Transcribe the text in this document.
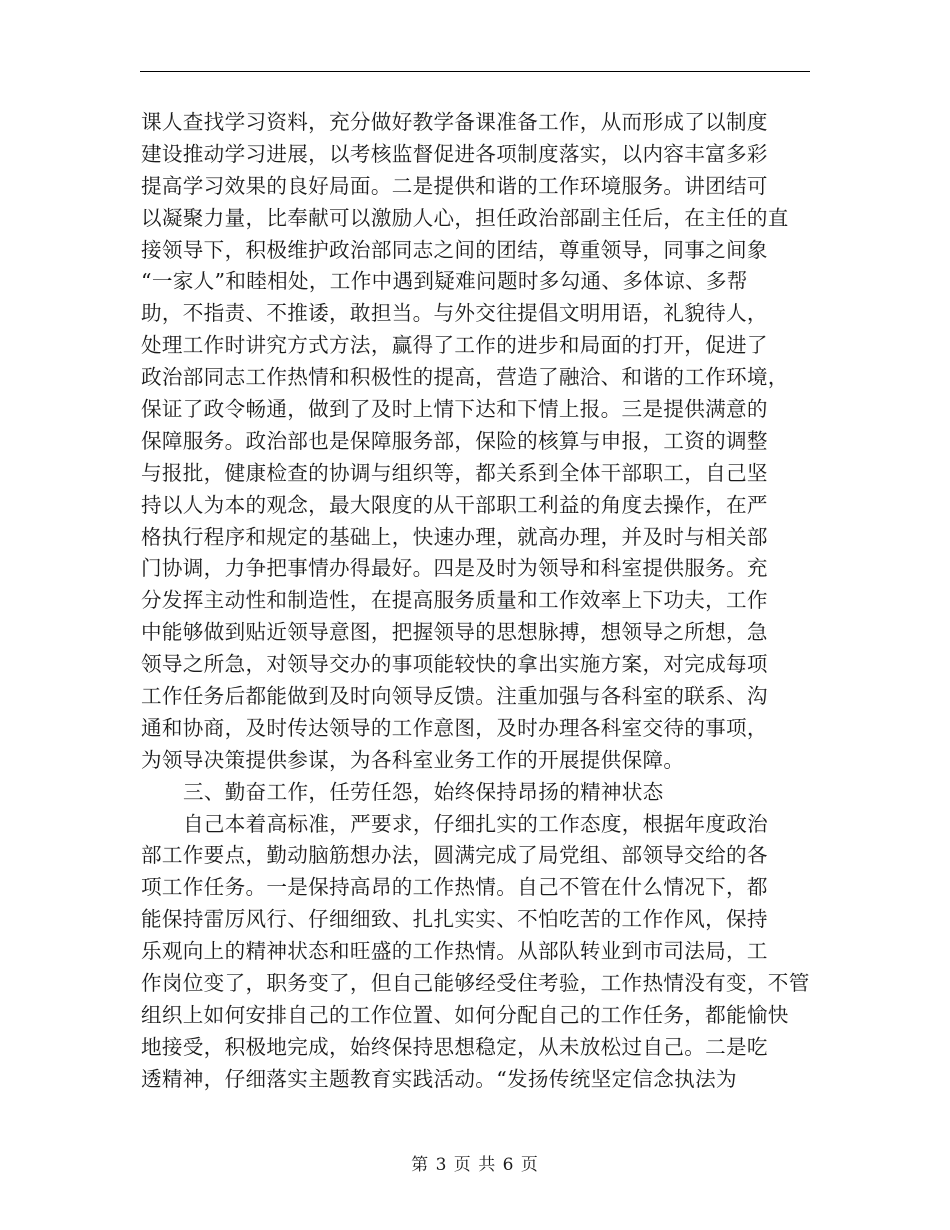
课人查找学习资料，充分做好教学备课准备工作，从而形成了以制度
建设推动学习进展，以考核监督促进各项制度落实，以内容丰富多彩
提高学习效果的良好局面。二是提供和谐的工作环境服务。讲团结可
以凝聚力量，比奉献可以激励人心，担任政治部副主任后，在主任的直
接领导下，积极维护政治部同志之间的团结，尊重领导，同事之间象
“一家人”和睦相处，工作中遇到疑难问题时多勾通、多体谅、多帮
助，不指责、不推诿，敢担当。与外交往提倡文明用语，礼貌待人，
处理工作时讲究方式方法，赢得了工作的进步和局面的打开，促进了
政治部同志工作热情和积极性的提高，营造了融洽、和谐的工作环境，
保证了政令畅通，做到了及时上情下达和下情上报。三是提供满意的
保障服务。政治部也是保障服务部，保险的核算与申报，工资的调整
与报批，健康检查的协调与组织等，都关系到全体干部职工，自己坚
持以人为本的观念，最大限度的从干部职工利益的角度去操作，在严
格执行程序和规定的基础上，快速办理，就高办理，并及时与相关部
门协调，力争把事情办得最好。四是及时为领导和科室提供服务。充
分发挥主动性和制造性，在提高服务质量和工作效率上下功夫，工作
中能够做到贴近领导意图，把握领导的思想脉搏，想领导之所想，急
领导之所急，对领导交办的事项能较快的拿出实施方案，对完成每项
工作任务后都能做到及时向领导反馈。注重加强与各科室的联系、沟
通和协商，及时传达领导的工作意图，及时办理各科室交待的事项，
为领导决策提供参谋，为各科室业务工作的开展提供保障。
三、勤奋工作，任劳任怨，始终保持昂扬的精神状态
自己本着高标准，严要求，仔细扎实的工作态度，根据年度政治
部工作要点，勤动脑筋想办法，圆满完成了局党组、部领导交给的各
项工作任务。一是保持高昂的工作热情。自己不管在什么情况下，都
能保持雷厉风行、仔细细致、扎扎实实、不怕吃苦的工作作风，保持
乐观向上的精神状态和旺盛的工作热情。从部队转业到市司法局，工
作岗位变了，职务变了，但自己能够经受住考验，工作热情没有变，不管
组织上如何安排自己的工作位置、如何分配自己的工作任务，都能愉快
地接受，积极地完成，始终保持思想稳定，从未放松过自己。二是吃
透精神，仔细落实主题教育实践活动。“发扬传统坚定信念执法为
第 3 页 共 6 页
